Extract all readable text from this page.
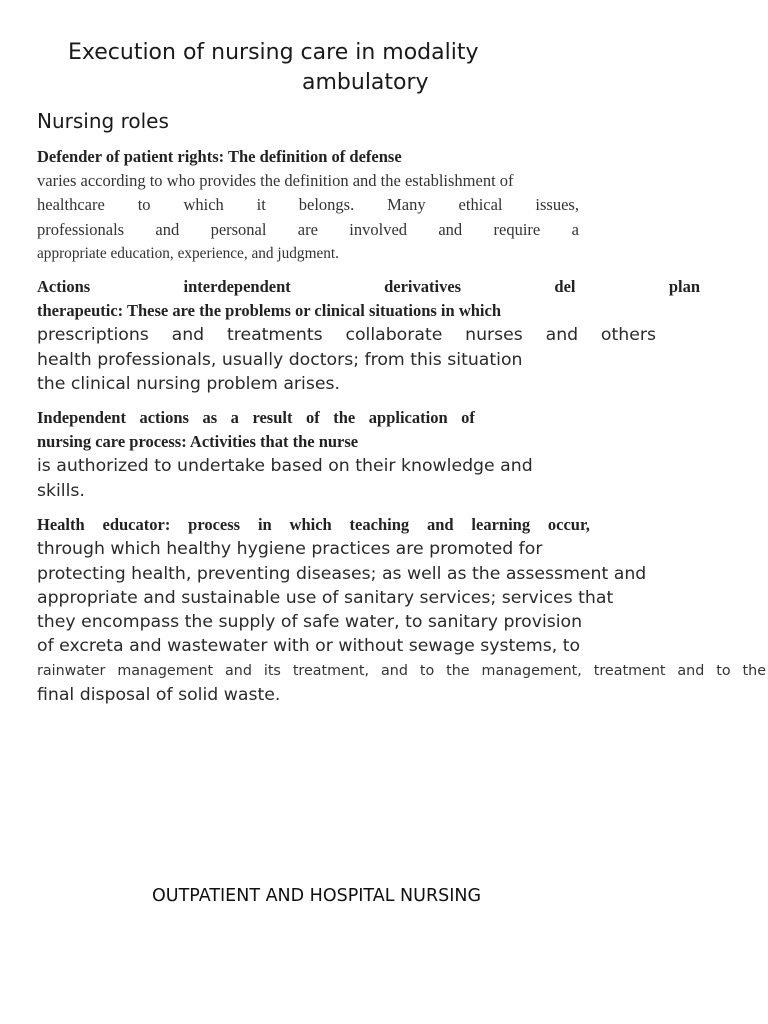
Execution of nursing care in modality
ambulatory
Nursing roles
Defender of patient rights: The definition of defense
varies according to who provides the definition and the establishment of
healthcare to which it belongs. Many ethical issues,
professionals and personal are involved and require a
appropriate education, experience, and judgment.
Actions	interdependent	derivatives	del	plan
therapeutic: These are the problems or clinical situations in which
prescriptions and treatments collaborate nurses and others
health professionals, usually doctors; from this situation
the clinical nursing problem arises.
Independent actions as a result of the application of
nursing care process: Activities that the nurse
is authorized to undertake based on their knowledge and
skills.
Health educator: process in which teaching and learning occur,
through which healthy hygiene practices are promoted for
protecting health, preventing diseases; as well as the assessment and
appropriate and sustainable use of sanitary services; services that
they encompass the supply of safe water, to sanitary provision
of excreta and wastewater with or without sewage systems, to
rainwater management and its treatment, and to the management, treatment and to the
final disposal of solid waste.
OUTPATIENT AND HOSPITAL NURSING
